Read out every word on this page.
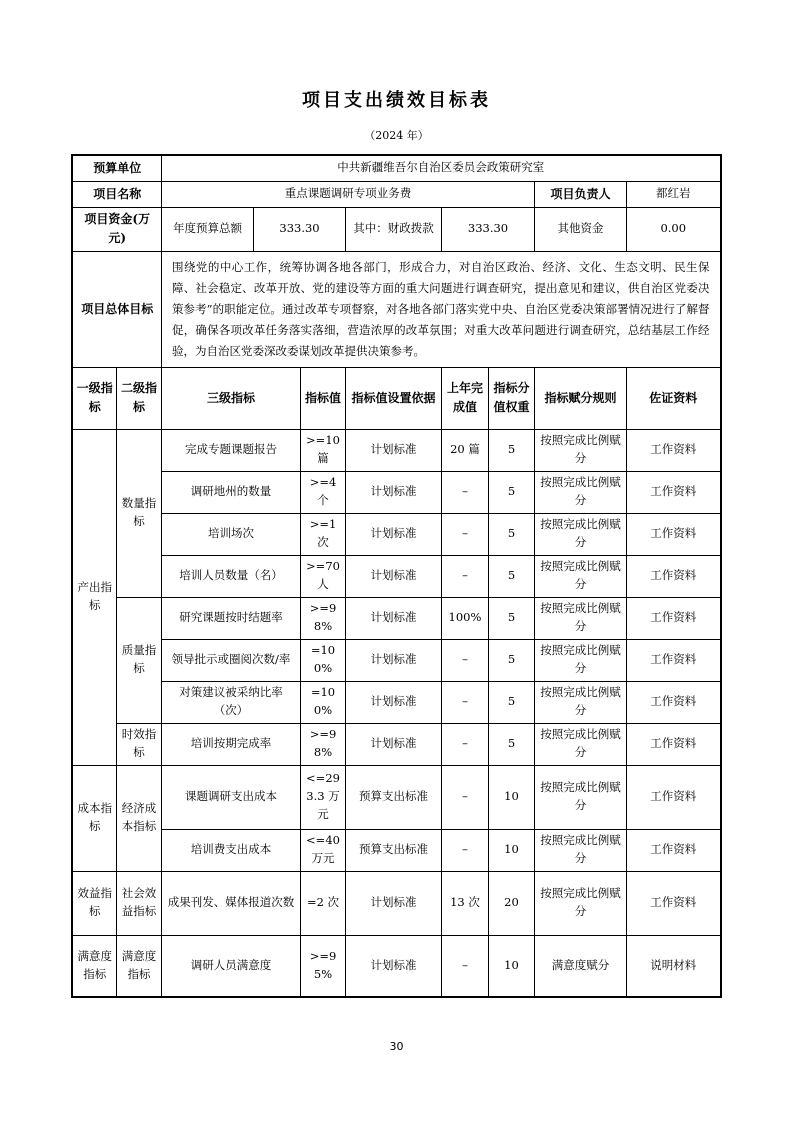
项目支出绩效目标表
（2024 年）
预算单位		中共新疆维吾尔自治区委员会政策研究室							
项目名称		重点课题调研专项业务费						项目负责人	都红岩
项目资金(万元)		年度预算总额	333.30		其中：财政拨款	333.30		其他资金	0.00
项目总体目标		围绕党的中心工作，统筹协调各地各部门，形成合力，对自治区政治、经济、文化、生态文明、民生保障、社会稳定、改革开放、党的建设等方面的重大问题进行调查研究，提出意见和建议，供自治区党委决策参考”的职能定位。通过改革专项督察，对各地各部门落实党中央、自治区党委决策部署情况进行了解督促，确保各项改革任务落实落细，营造浓厚的改革氛围；对重大改革问题进行调查研究，总结基层工作经验，为自治区党委深改委谋划改革提供决策参考。							
一级指标	二级指标	三级指标		指标值	指标值设置依据	上年完成值	指标分值权重	指标赋分规则	佐证资料
产出指标	数量指标	完成专题课题报告		>=10 篇	计划标准	20 篇	5	按照完成比例赋分	工作资料
		调研地州的数量		>=4 个	计划标准	–	5	按照完成比例赋分	工作资料
		培训场次		>=1 次	计划标准	–	5	按照完成比例赋分	工作资料
		培训人员数量（名）		>=70 人	计划标准	–	5	按照完成比例赋分	工作资料
	质量指标	研究课题按时结题率		>=98%	计划标准	100%	5	按照完成比例赋分	工作资料
		领导批示或圈阅次数/率		=100%	计划标准	–	5	按照完成比例赋分	工作资料
		对策建议被采纳比率（次）		=100%	计划标准	–	5	按照完成比例赋分	工作资料
	时效指标	培训按期完成率		>=98%	计划标准	–	5	按照完成比例赋分	工作资料
成本指标	经济成本指标	课题调研支出成本		<=293.3 万元	预算支出标准	–	10	按照完成比例赋分	工作资料
		培训费支出成本		<=40 万元	预算支出标准	–	10	按照完成比例赋分	工作资料
效益指标	社会效益指标	成果刊发、媒体报道次数		=2 次	计划标准	13 次	20	按照完成比例赋分	工作资料
满意度指标	满意度指标	调研人员满意度		>=95%	计划标准	–	10	满意度赋分	说明材料
30
